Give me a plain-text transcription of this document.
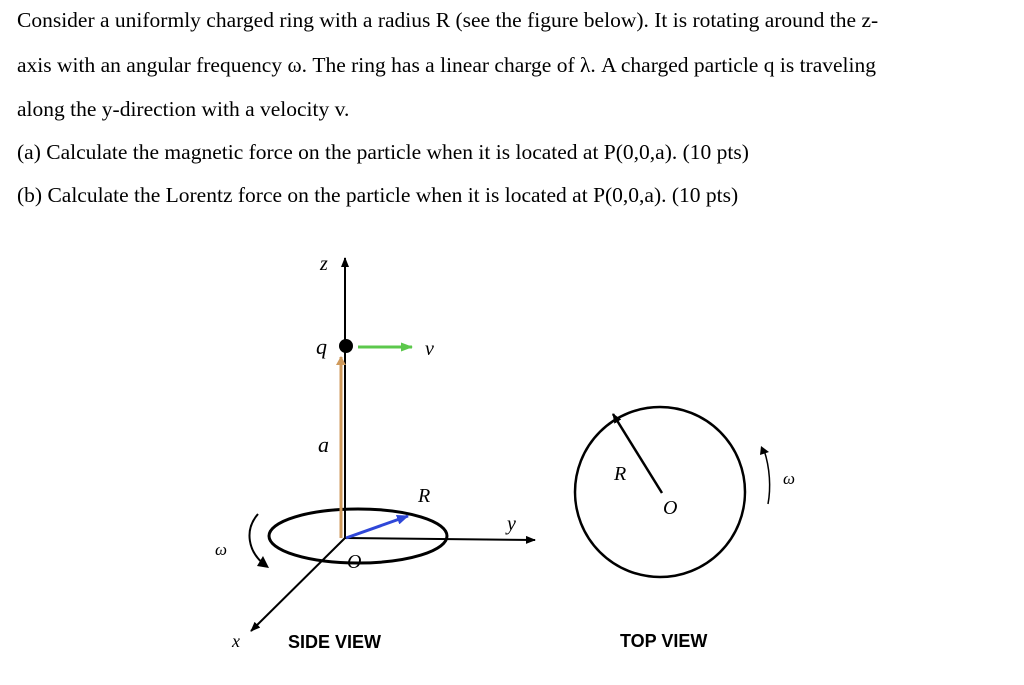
Consider a uniformly charged ring with a radius R (see the figure below). It is rotating around the z-
axis with an angular frequency ω. The ring has a linear charge of λ. A charged particle q is traveling
along the y-direction with a velocity v.
(a) Calculate the magnetic force on the particle when it is located at P(0,0,a). (10 pts)
(b) Calculate the Lorentz force on the particle when it is located at P(0,0,a). (10 pts)
z
q	v
a
R
y
O
ω
x	SIDE VIEW
R
O
ω
TOP VIEW
